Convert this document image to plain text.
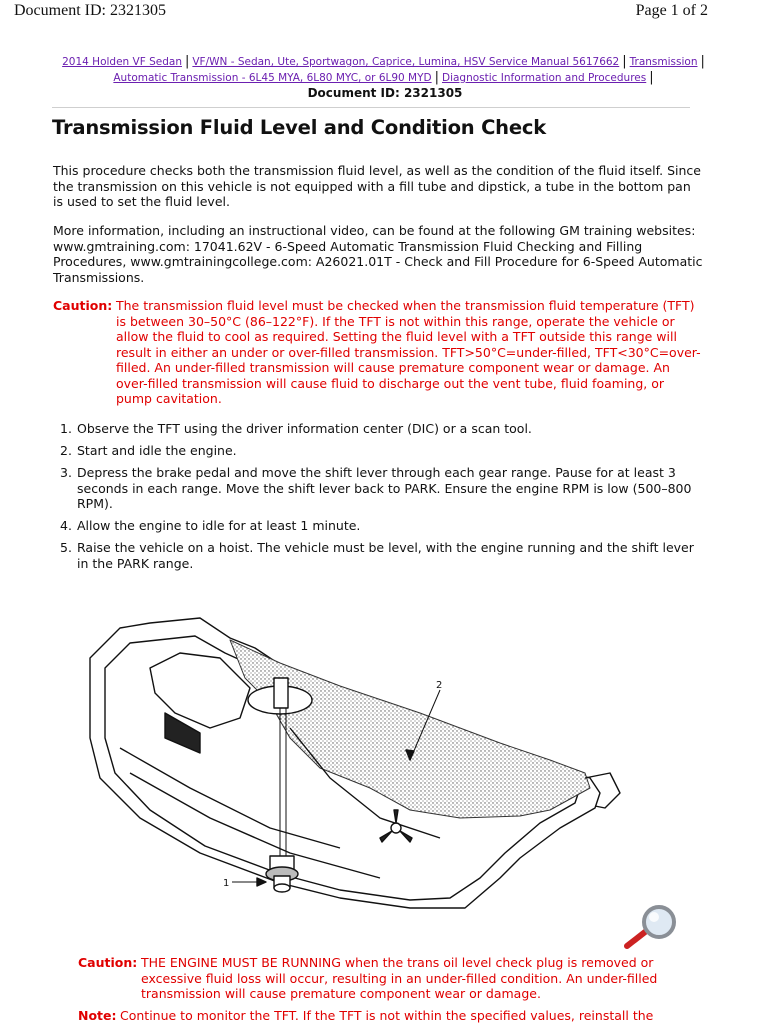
Document ID: 2321305	Page 1 of 2
2014 Holden VF Sedan | VF/WN - Sedan, Ute, Sportwagon, Caprice, Lumina, HSV Service Manual 5617662 | Transmission |
Automatic Transmission - 6L45 MYA, 6L80 MYC, or 6L90 MYD | Diagnostic Information and Procedures |
Document ID: 2321305
Transmission Fluid Level and Condition Check

This procedure checks both the transmission fluid level, as well as the condition of the fluid itself. Since the transmission on this vehicle is not equipped with a fill tube and dipstick, a tube in the bottom pan is used to set the fluid level.

More information, including an instructional video, can be found at the following GM training websites: www.gmtraining.com: 17041.62V - 6-Speed Automatic Transmission Fluid Checking and Filling Procedures, www.gmtrainingcollege.com: A26021.01T - Check and Fill Procedure for 6-Speed Automatic Transmissions.

Caution: The transmission fluid level must be checked when the transmission fluid temperature (TFT) is between 30–50°C (86–122°F). If the TFT is not within this range, operate the vehicle or allow the fluid to cool as required. Setting the fluid level with a TFT outside this range will result in either an under or over-filled transmission. TFT>50°C=under-filled, TFT<30°C=over-filled. An under-filled transmission will cause premature component wear or damage. An over-filled transmission will cause fluid to discharge out the vent tube, fluid foaming, or pump cavitation.
1. Observe the TFT using the driver information center (DIC) or a scan tool.
2. Start and idle the engine.
3. Depress the brake pedal and move the shift lever through each gear range. Pause for at least 3 seconds in each range. Move the shift lever back to PARK. Ensure the engine RPM is low (500–800 RPM).
4. Allow the engine to idle for at least 1 minute.
5. Raise the vehicle on a hoist. The vehicle must be level, with the engine running and the shift lever in the PARK range.
2
1
Caution: THE ENGINE MUST BE RUNNING when the trans oil level check plug is removed or excessive fluid loss will occur, resulting in an under-filled condition. An under-filled transmission will cause premature component wear or damage.
Note: Continue to monitor the TFT. If the TFT is not within the specified values, reinstall the
